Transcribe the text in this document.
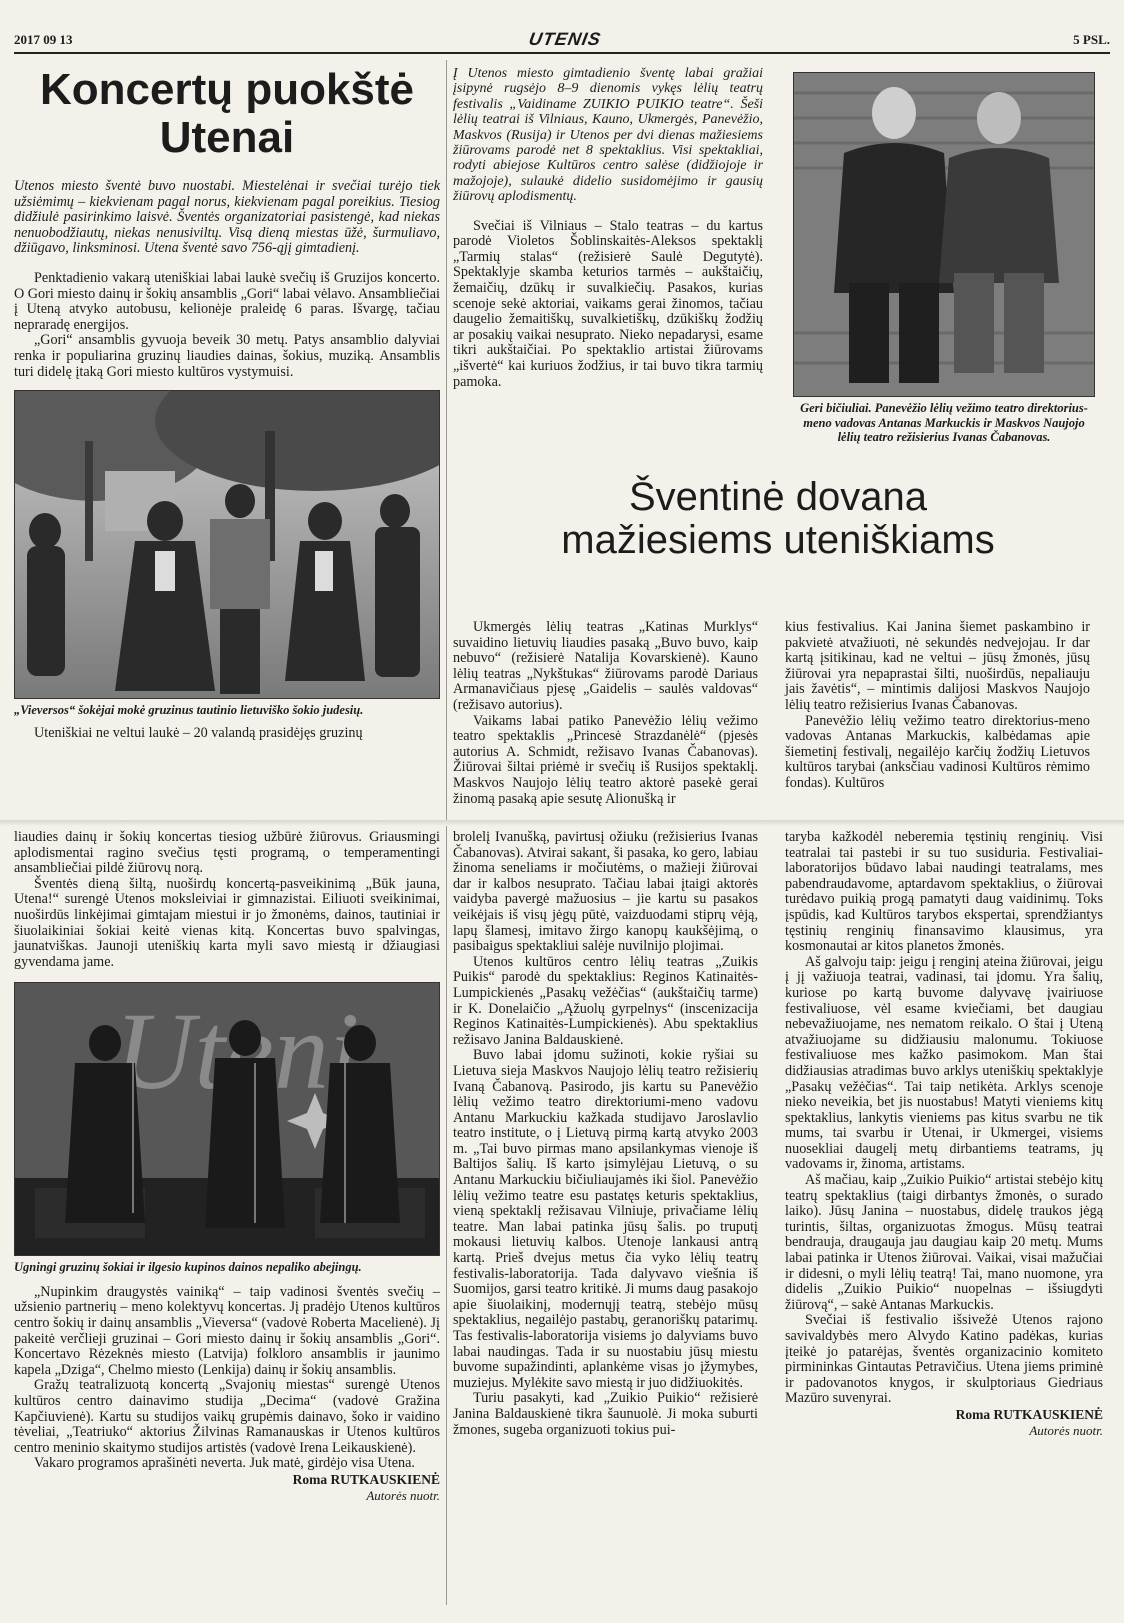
2017 09 13	UTENIS	5 PSL.
Koncertų puokštė
Utenai

Utenos miesto šventė buvo nuostabi. Miestelėnai ir svečiai turėjo tiek užsiėmimų – kiekvienam pagal norus, kiekvienam pagal poreikius. Tiesiog didžiulė pasirinkimo laisvė. Šventės organizatoriai pasistengė, kad niekas nenuobodžiautų, niekas nenusiviltų. Visą dieną miestas ūžė, šurmuliavo, džiūgavo, linksminosi. Utena šventė savo 756-ąjį gimtadienį.

Penktadienio vakarą uteniškiai labai laukė svečių iš Gruzijos koncerto. O Gori miesto dainų ir šokių ansamblis „Gori“ labai vėlavo. Ansambliečiai į Uteną atvyko autobusu, kelionėje praleidę 6 paras. Išvargę, tačiau nepraradę energijos.

„Gori“ ansamblis gyvuoja beveik 30 metų. Patys ansamblio dalyviai renka ir populiarina gruzinų liaudies dainas, šokius, muziką. Ansamblis turi didelę įtaką Gori miesto kultūros vystymuisi.

„Vieversos“ šokėjai mokė gruzinus tautinio lietuviško šokio judesių.

Uteniškiai ne veltui laukė – 20 valandą prasidėjęs gruzinų

liaudies dainų ir šokių koncertas tiesiog užbūrė žiūrovus. Griausmingi aplodismentai ragino svečius tęsti programą, o temperamentingi ansambliečiai pildė žiūrovų norą.

Šventės dieną šiltą, nuoširdų koncertą-pasveikinimą „Būk jauna, Utena!“ surengė Utenos moksleiviai ir gimnazistai. Eiliuoti sveikinimai, nuoširdūs linkėjimai gimtajam miestui ir jo žmonėms, dainos, tautiniai ir šiuolaikiniai šokiai keitė vienas kitą. Koncertas buvo spalvingas, jaunatviškas. Jaunoji uteniškių karta myli savo miestą ir džiaugiasi gyvendama jame.

Ugningi gruzinų šokiai ir ilgesio kupinos dainos nepaliko abejingų.

„Nupinkim draugystės vainiką“ – taip vadinosi šventės svečių – užsienio partnerių – meno kolektyvų koncertas. Jį pradėjo Utenos kultūros centro šokių ir dainų ansamblis „Vieversa“ (vadovė Roberta Macelienė). Jį pakeitė verčlieji gruzinai – Gori miesto dainų ir šokių ansamblis „Gori“. Koncertavo Rėzeknės miesto (Latvija) folkloro ansamblis ir jaunimo kapela „Dziga“, Chelmo miesto (Lenkija) dainų ir šokių ansamblis.

Gražų teatralizuotą koncertą „Svajonių miestas“ surengė Utenos kultūros centro dainavimo studija „Decima“ (vadovė Gražina Kapčiuvienė). Kartu su studijos vaikų grupėmis dainavo, šoko ir vaidino tėveliai, „Teatriuko“ aktorius Žilvinas Ramanauskas ir Utenos kultūros centro meninio skaitymo studijos artistės (vadovė Irena Leikauskienė).

Vakaro programos aprašinėti neverta. Juk matė, girdėjo visa Utena.

Roma RUTKAUSKIENĖ
Autorės nuotr.

Į Utenos miesto gimtadienio šventę labai gražiai įsipynė rugsėjo 8–9 dienomis vykęs lėlių teatrų festivalis „Vaidiname ZUIKIO PUIKIO teatre“. Šeši lėlių teatrai iš Vilniaus, Kauno, Ukmergės, Panevėžio, Maskvos (Rusija) ir Utenos per dvi dienas mažiesiems žiūrovams parodė net 8 spektaklius. Visi spektakliai, rodyti abiejose Kultūros centro salėse (didžiojoje ir mažojoje), sulaukė didelio susidomėjimo ir gausių žiūrovų aplodismentų.

Svečiai iš Vilniaus – Stalo teatras – du kartus parodė Violetos Šoblinskaitės-Aleksos spektaklį „Tarmių stalas“ (režisierė Saulė Degutytė). Spektaklyje skamba keturios tarmės – aukštaičių, žemaičių, dzūkų ir suvalkiečių. Pasakos, kurias scenoje sekė aktoriai, vaikams gerai žinomos, tačiau daugelio žemaitiškų, suvalkietiškų, dzūkiškų žodžių ar posakių vaikai nesuprato. Nieko nepadarysi, esame tikri aukštaičiai. Po spektaklio artistai žiūrovams „išvertė“ kai kuriuos žodžius, ir tai buvo tikra tarmių pamoka.

Geri bičiuliai. Panevėžio lėlių vežimo teatro direktorius-meno vadovas Antanas Markuckis ir Maskvos Naujojo lėlių teatro režisierius Ivanas Čabanovas.

Šventinė dovana
mažiesiems uteniškiams

Ukmergės lėlių teatras „Katinas Murklys“ suvaidino lietuvių liaudies pasaką „Buvo buvo, kaip nebuvo“ (režisierė Natalija Kovarskienė). Kauno lėlių teatras „Nykštukas“ žiūrovams parodė Dariaus Armanavičiaus pjesę „Gaidelis – saulės valdovas“ (režisavo autorius).

Vaikams labai patiko Panevėžio lėlių vežimo teatro spektaklis „Princesė Strazdanėlė“ (pjesės autorius A. Schmidt, režisavo Ivanas Čabanovas). Žiūrovai šiltai priėmė ir svečių iš Rusijos spektaklį. Maskvos Naujojo lėlių teatro aktorė pasekė gerai žinomą pasaką apie sesutę Alionušką ir

kius festivalius. Kai Janina šiemet paskambino ir pakvietė atvažiuoti, nė sekundės nedvejojau. Ir dar kartą įsitikinau, kad ne veltui – jūsų žmonės, jūsų žiūrovai yra nepaprastai šilti, nuoširdūs, nepaliauju jais žavėtis“, – mintimis dalijosi Maskvos Naujojo lėlių teatro režisierius Ivanas Čabanovas.

Panevėžio lėlių vežimo teatro direktorius-meno vadovas Antanas Markuckis, kalbėdamas apie šiemetinį festivalį, negailėjo karčių žodžių Lietuvos kultūros tarybai (anksčiau vadinosi Kultūros rėmimo fondas). Kultūros

brolelį Ivanušką, pavirtusį ožiuku (režisierius Ivanas Čabanovas). Atvirai sakant, ši pasaka, ko gero, labiau žinoma seneliams ir močiutėms, o mažieji žiūrovai dar ir kalbos nesuprato. Tačiau labai įtaigi aktorės vaidyba pavergė mažuosius – jie kartu su pasakos veikėjais iš visų jėgų pūtė, vaizduodami stiprų vėją, lapų šlamesį, imitavo žirgo kanopų kaukšėjimą, o pasibaigus spektakliui salėje nuvilnijo plojimai.

Utenos kultūros centro lėlių teatras „Zuikis Puikis“ parodė du spektaklius: Reginos Katinaitės-Lumpickienės „Pasakų vežėčias“ (aukštaičių tarme) ir K. Donelaičio „Ąžuolų gyrpelnys“ (inscenizacija Reginos Katinaitės-Lumpickienės). Abu spektaklius režisavo Janina Baldauskienė.

Buvo labai įdomu sužinoti, kokie ryšiai su Lietuva sieja Maskvos Naujojo lėlių teatro režisierių Ivaną Čabanovą. Pasirodo, jis kartu su Panevėžio lėlių vežimo teatro direktoriumi-meno vadovu Antanu Markuckiu kažkada studijavo Jaroslavlio teatro institute, o į Lietuvą pirmą kartą atvyko 2003 m. „Tai buvo pirmas mano apsilankymas vienoje iš Baltijos šalių. Iš karto įsimylėjau Lietuvą, o su Antanu Markuckiu bičiuliaujamės iki šiol. Panevėžio lėlių vežimo teatre esu pastatęs keturis spektaklius, vieną spektaklį režisavau Vilniuje, privačiame lėlių teatre. Man labai patinka jūsų šalis. po truputį mokausi lietuvių kalbos. Utenoje lankausi antrą kartą. Prieš dvejus metus čia vyko lėlių teatrų festivalis-laboratorija. Tada dalyvavo viešnia iš Suomijos, garsi teatro kritikė. Ji mums daug pasakojo apie šiuolaikinį, modernųjį teatrą, stebėjo mūsų spektaklius, negailėjo pastabų, geranoriškų patarimų. Tas festivalis-laboratorija visiems jo dalyviams buvo labai naudingas. Tada ir su nuostabiu jūsų miestu buvome supažindinti, aplankėme visas jo įžymybes, muziejus. Mylėkite savo miestą ir juo didžiuokitės.

Turiu pasakyti, kad „Zuikio Puikio“ režisierė Janina Baldauskienė tikra šaunuolė. Ji moka suburti žmones, sugeba organizuoti tokius pui-

taryba kažkodėl neberemia tęstinių renginių. Visi teatralai tai pastebi ir su tuo susiduria. Festivaliai-laboratorijos būdavo labai naudingi teatralams, mes pabendraudavome, aptardavom spektaklius, o žiūrovai turėdavo puikią progą pamatyti daug vaidinimų. Toks įspūdis, kad Kultūros tarybos ekspertai, sprendžiantys tęstinių renginių finansavimo klausimus, yra kosmonautai ar kitos planetos žmonės.

Aš galvoju taip: jeigu į renginį ateina žiūrovai, jeigu į jį važiuoja teatrai, vadinasi, tai įdomu. Yra šalių, kuriose po kartą buvome dalyvavę įvairiuose festivaliuose, vėl esame kviečiami, bet daugiau nebevažiuojame, nes nematom reikalo. O štai į Uteną atvažiuojame su didžiausiu malonumu. Tokiuose festivaliuose mes kažko pasimokom. Man štai didžiausias atradimas buvo arklys uteniškių spektaklyje „Pasakų vežėčias“. Tai taip netikėta. Arklys scenoje nieko neveikia, bet jis nuostabus! Matyti vieniems kitų spektaklius, lankytis vieniems pas kitus svarbu ne tik mums, tai svarbu ir Utenai, ir Ukmergei, visiems nuosekliai daugelį metų dirbantiems teatrams, jų vadovams ir, žinoma, artistams.

Aš mačiau, kaip „Zuikio Puikio“ artistai stebėjo kitų teatrų spektaklius (taigi dirbantys žmonės, o surado laiko). Jūsų Janina – nuostabus, didelę traukos jėgą turintis, šiltas, organizuotas žmogus. Mūsų teatrai bendrauja, draugauja jau daugiau kaip 20 metų. Mums labai patinka ir Utenos žiūrovai. Vaikai, visai mažučiai ir didesni, o myli lėlių teatrą! Tai, mano nuomone, yra didelis „Zuikio Puikio“ nuopelnas – išsiugdyti žiūrovą“, – sakė Antanas Markuckis.

Svečiai iš festivalio išsivežė Utenos rajono savivaldybės mero Alvydo Katino padėkas, kurias įteikė jo patarėjas, šventės organizacinio komiteto pirmininkas Gintautas Petravičius. Utena jiems priminė ir padovanotos knygos, ir skulptoriaus Giedriaus Mazūro suvenyrai.

Roma RUTKAUSKIENĖ
Autorės nuotr.
